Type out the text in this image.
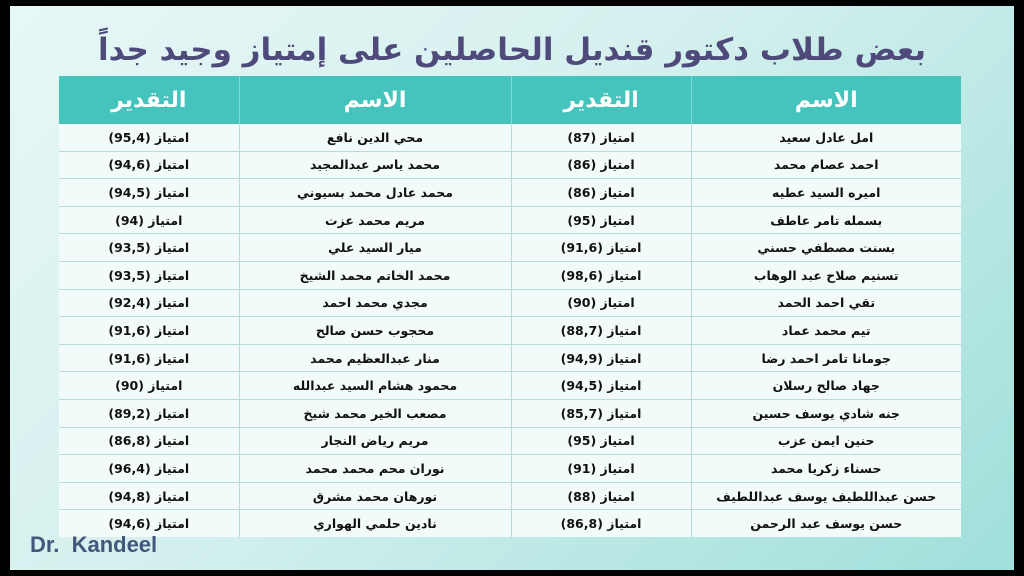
بعض طلاب دكتور قنديل الحاصلين على إمتياز وجيد جداً
الاسم	التقدير	الاسم	التقدير
امل عادل سعيد	امتياز (87)	محي الدين نافع	امتياز (95,4)
احمد عصام محمد	امتياز (86)	محمد ياسر عبدالمجيد	امتياز (94,6)
اميره السيد عطيه	امتياز (86)	محمد عادل محمد بسيوني	امتياز (94,5)
بسمله تامر عاطف	امتياز (95)	مريم محمد عزت	امتياز (94)
بسنت مصطفي حسني	امتياز (91,6)	ميار السيد علي	امتياز (93,5)
تسنيم صلاح عبد الوهاب	امتياز (98,6)	محمد الخاتم محمد الشيخ	امتياز (93,5)
تقي احمد الحمد	امتياز (90)	مجدي محمد احمد	امتياز (92,4)
تيم محمد عماد	امتياز (88,7)	محجوب حسن صالح	امتياز (91,6)
جومانا تامر احمد رضا	امتياز (94,9)	منار عبدالعظيم محمد	امتياز (91,6)
جهاد صالح رسلان	امتياز (94,5)	محمود هشام السيد عبدالله	امتياز (90)
جنه شادي يوسف حسين	امتياز (85,7)	مصعب الخير محمد شيخ	امتياز (89,2)
حنين ايمن عزب	امتياز (95)	مريم رياض النجار	امتياز (86,8)
حسناء زكريا محمد	امتياز (91)	نوران محم محمد محمد	امتياز (96,4)
حسن عبداللطيف يوسف عبداللطيف	امتياز (88)	نورهان محمد مشرق	امتياز (94,8)
حسن يوسف عبد الرحمن	امتياز (86,8)	نادين حلمي الهواري	امتياز (94,6)
Dr.  Kandeel
